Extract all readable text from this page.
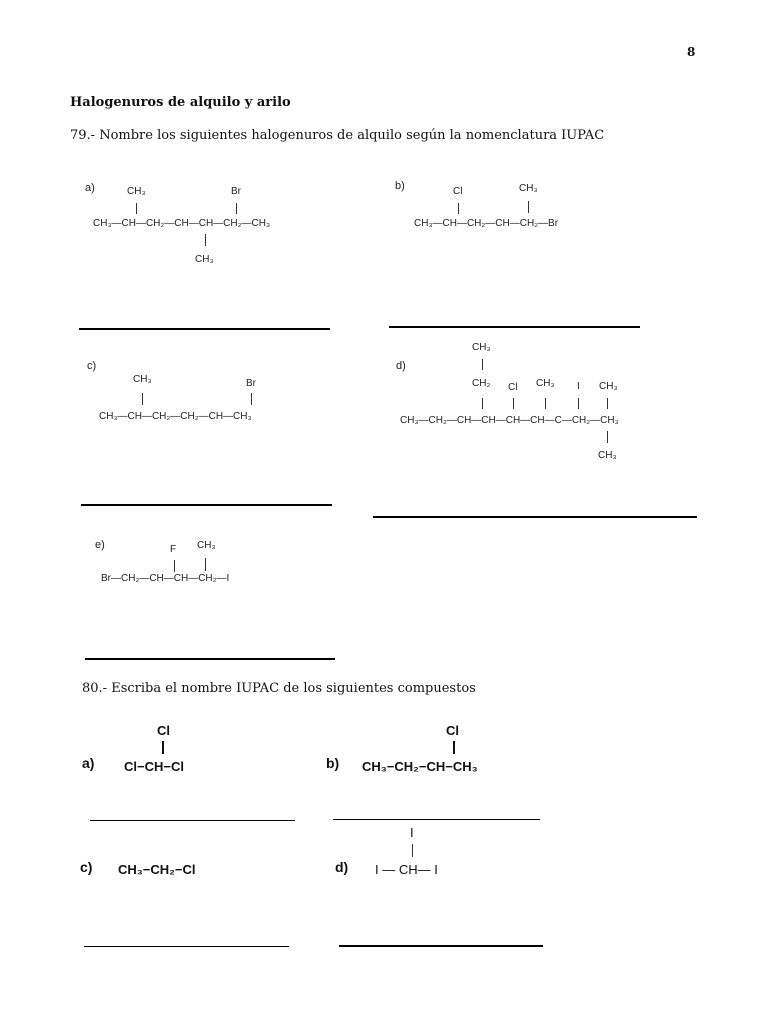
8
Halogenuros de alquilo y arilo
79.- Nombre los siguientes halogenuros de alquilo según la nomenclatura IUPAC
a)	CH₃	Br
CH₃—CH—CH₂—CH—CH—CH₂—CH₃
CH₃
b)	Cl	CH₃
CH₃—CH—CH₂—CH—CH₂—Br
c)
CH₃	Br
CH₃—CH—CH₂—CH₂—CH—CH₃
d)
CH₃
CH₂ Cl CH₃ I CH₃
CH₃—CH₂—CH—CH—CH—CH—C—CH₂—CH₃
CH₃
e)	F CH₃
Br—CH₂—CH—CH—CH₂—I
80.- Escriba el nombre IUPAC de los siguientes compuestos
a)
Cl
Cl−CH−Cl	b)
Cl
CH₃−CH₂−CH−CH₃
c) CH₃−CH₂−Cl	d)
I
I — CH— I
